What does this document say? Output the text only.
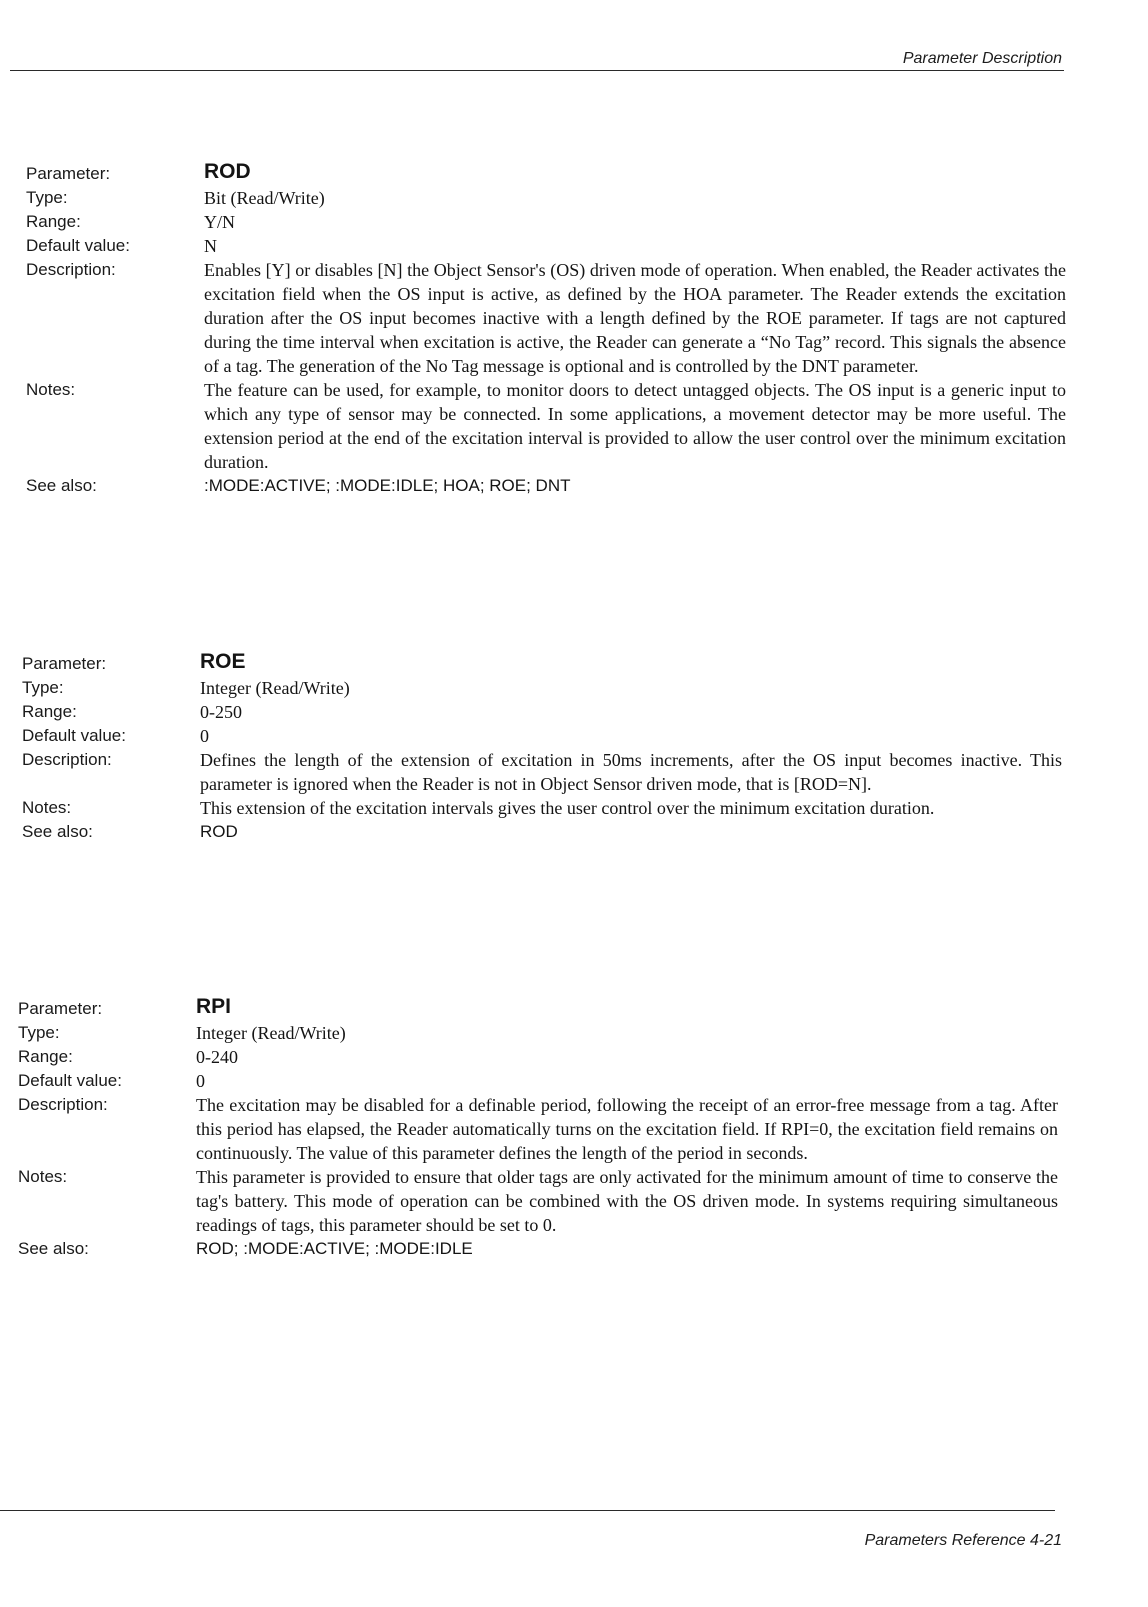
Parameter Description
Parameter:	ROD
Type:	Bit (Read/Write)
Range:	Y/N
Default value:	N
Description:	Enables [Y] or disables [N] the Object Sensor's (OS) driven mode of operation. When enabled, the Reader activates the excitation field when the OS input is active, as defined by the HOA parameter. The Reader extends the excitation duration after the OS input becomes inactive with a length defined by the ROE parameter. If tags are not captured during the time interval when excitation is active, the Reader can generate a “No Tag” record. This signals the absence of a tag. The generation of the No Tag message is optional and is controlled by the DNT parameter.
Notes:	The feature can be used, for example, to monitor doors to detect untagged objects. The OS input is a generic input to which any type of sensor may be connected. In some applications, a movement detector may be more useful. The extension period at the end of the excitation interval is provided to allow the user control over the minimum excitation duration.
See also:	:MODE:ACTIVE; :MODE:IDLE; HOA; ROE; DNT
Parameter:	ROE
Type:	Integer (Read/Write)
Range:	0-250
Default value:	0
Description:	Defines the length of the extension of excitation in 50ms increments, after the OS input becomes inactive. This parameter is ignored when the Reader is not in Object Sensor driven mode, that is [ROD=N].
Notes:	This extension of the excitation intervals gives the user control over the minimum excitation duration.
See also:	ROD
Parameter:	RPI
Type:	Integer (Read/Write)
Range:	0-240
Default value:	0
Description:	The excitation may be disabled for a definable period, following the receipt of an error-free message from a tag. After this period has elapsed, the Reader automatically turns on the excitation field. If RPI=0, the excitation field remains on continuously. The value of this parameter defines the length of the period in seconds.
Notes:	This parameter is provided to ensure that older tags are only activated for the minimum amount of time to conserve the tag's battery. This mode of operation can be combined with the OS driven mode. In systems requiring simultaneous readings of tags, this parameter should be set to 0.
See also:	ROD; :MODE:ACTIVE; :MODE:IDLE
Parameters Reference 4-21
